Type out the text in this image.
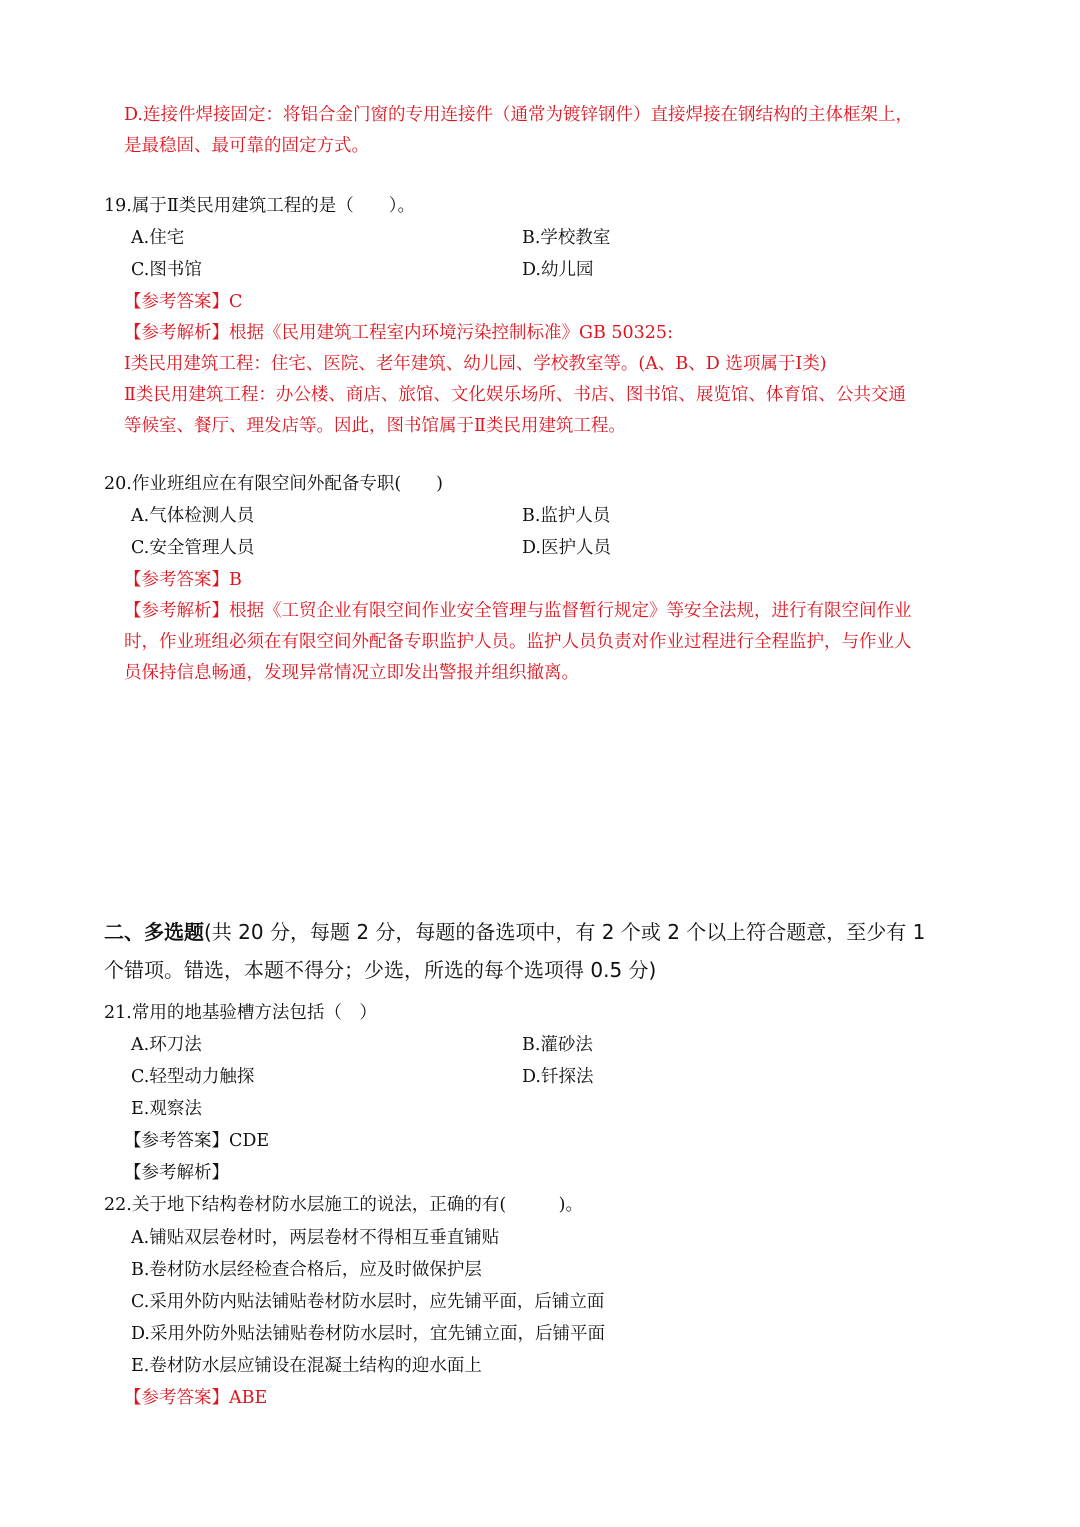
D.连接件焊接固定：将铝合金门窗的专用连接件（通常为镀锌钢件）直接焊接在钢结构的主体框架上，
是最稳固、最可靠的固定方式。
19.属于Ⅱ类民用建筑工程的是（　　）。
A.住宅	B.学校教室
C.图书馆	D.幼儿园
【参考答案】C
【参考解析】根据《民用建筑工程室内环境污染控制标准》GB 50325:
Ⅰ类民用建筑工程：住宅、医院、老年建筑、幼儿园、学校教室等。(A、B、D 选项属于Ⅰ类)
Ⅱ类民用建筑工程：办公楼、商店、旅馆、文化娱乐场所、书店、图书馆、展览馆、体育馆、公共交通
等候室、餐厅、理发店等。因此，图书馆属于Ⅱ类民用建筑工程。
20.作业班组应在有限空间外配备专职(　　)
A.气体检测人员	B.监护人员
C.安全管理人员	D.医护人员
【参考答案】B
【参考解析】根据《工贸企业有限空间作业安全管理与监督暂行规定》等安全法规，进行有限空间作业
时，作业班组必须在有限空间外配备专职监护人员。监护人员负责对作业过程进行全程监护，与作业人
员保持信息畅通，发现异常情况立即发出警报并组织撤离。
二、多选题(共 20 分，每题 2 分，每题的备选项中，有 2 个或 2 个以上符合题意，至少有 1
个错项。错选，本题不得分；少选，所选的每个选项得 0.5 分)
21.常用的地基验槽方法包括（　）
A.环刀法	B.灌砂法
C.轻型动力触探	D.钎探法
E.观察法
【参考答案】CDE
【参考解析】
22.关于地下结构卷材防水层施工的说法，正确的有(　　　)。
A.铺贴双层卷材时，两层卷材不得相互垂直铺贴
B.卷材防水层经检查合格后，应及时做保护层
C.采用外防内贴法铺贴卷材防水层时，应先铺平面，后铺立面
D.采用外防外贴法铺贴卷材防水层时，宜先铺立面，后铺平面
E.卷材防水层应铺设在混凝土结构的迎水面上
【参考答案】ABE
